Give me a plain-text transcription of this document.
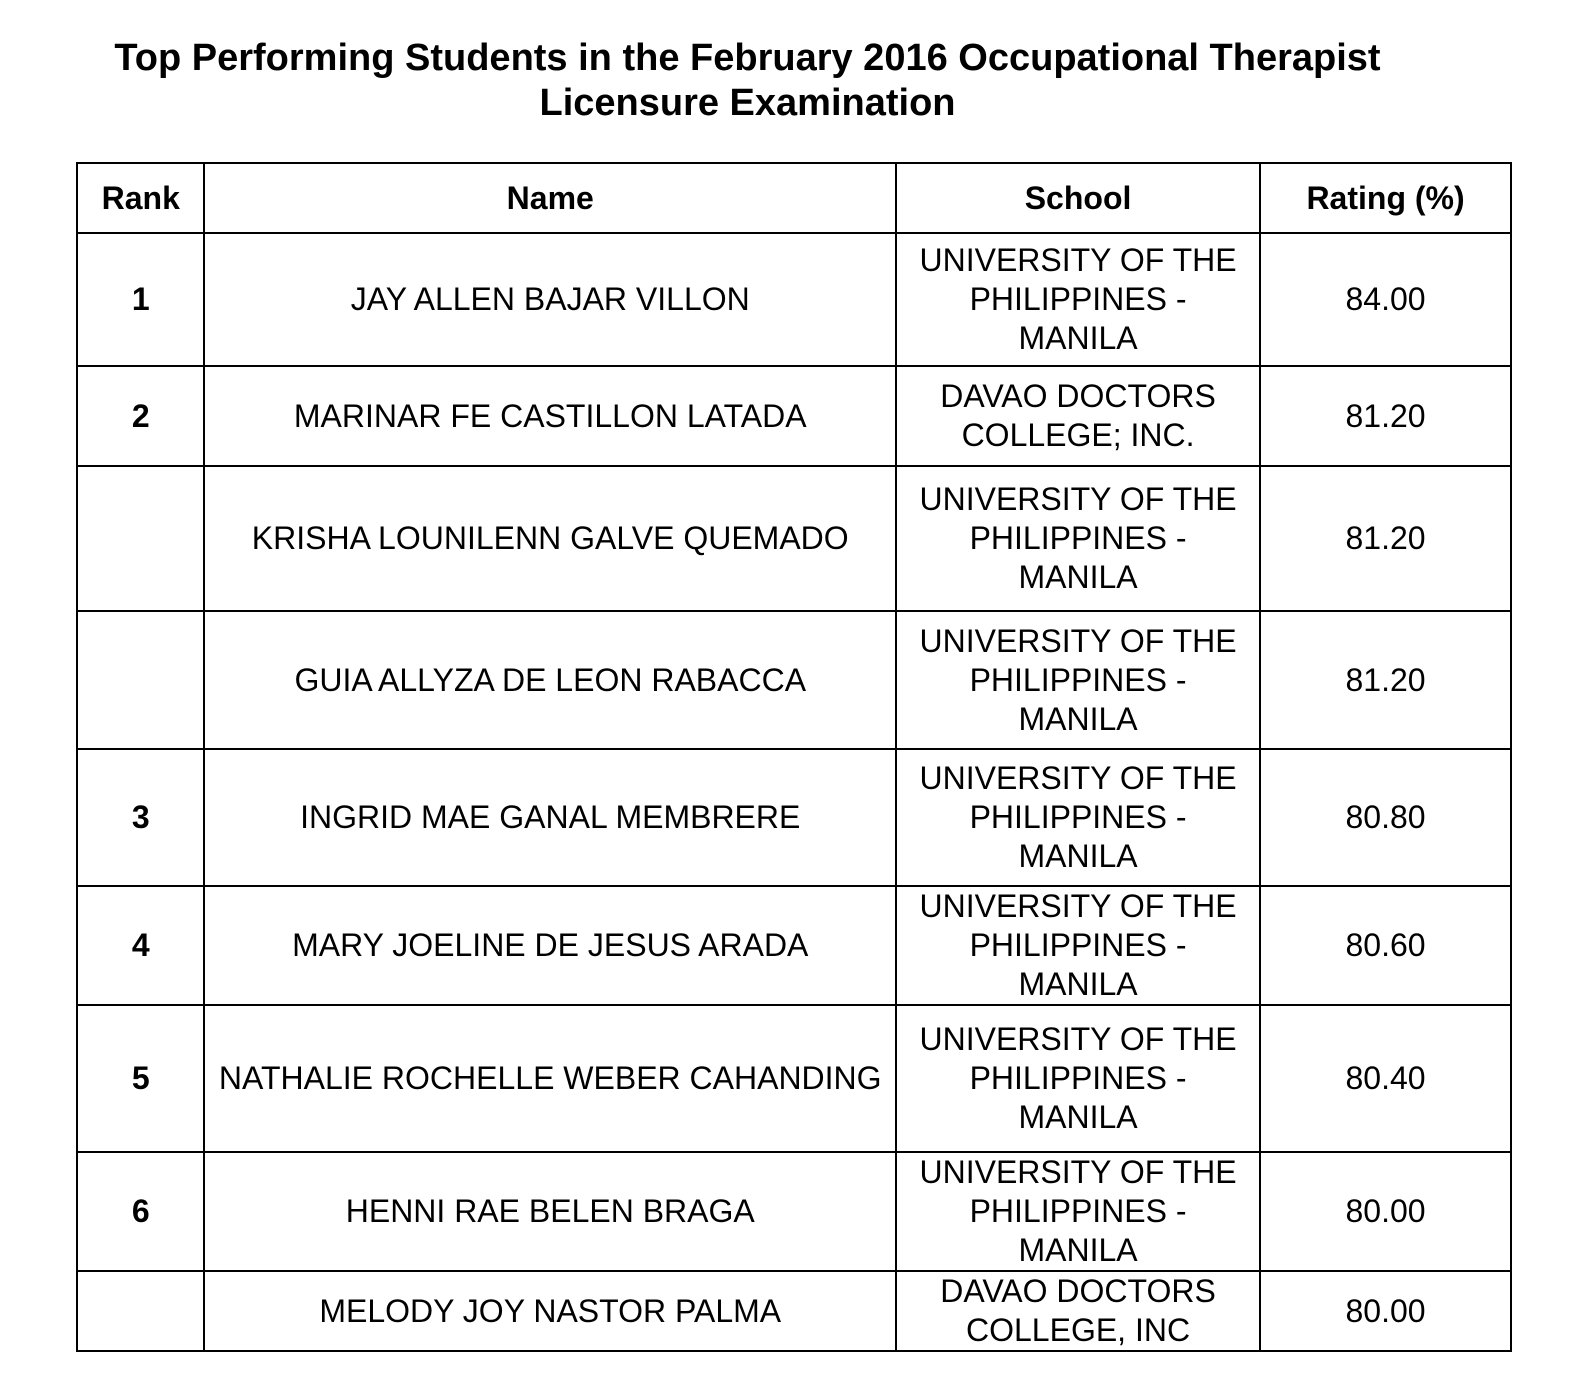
Top Performing Students in the February 2016 Occupational Therapist
Licensure Examination
Rank	Name	School	Rating (%)
1	JAY ALLEN BAJAR VILLON	UNIVERSITY OF THE
PHILIPPINES -
MANILA	84.00
2	MARINAR FE CASTILLON LATADA	DAVAO DOCTORS
COLLEGE; INC.	81.20
	KRISHA LOUNILENN GALVE QUEMADO	UNIVERSITY OF THE
PHILIPPINES -
MANILA	81.20
	GUIA ALLYZA DE LEON RABACCA	UNIVERSITY OF THE
PHILIPPINES -
MANILA	81.20
3	INGRID MAE GANAL MEMBRERE	UNIVERSITY OF THE
PHILIPPINES -
MANILA	80.80
4	MARY JOELINE DE JESUS ARADA	UNIVERSITY OF THE
PHILIPPINES -
MANILA	80.60
5	NATHALIE ROCHELLE WEBER CAHANDING	UNIVERSITY OF THE
PHILIPPINES -
MANILA	80.40
6	HENNI RAE BELEN BRAGA	UNIVERSITY OF THE
PHILIPPINES -
MANILA	80.00
	MELODY JOY NASTOR PALMA	DAVAO DOCTORS
COLLEGE, INC	80.00
